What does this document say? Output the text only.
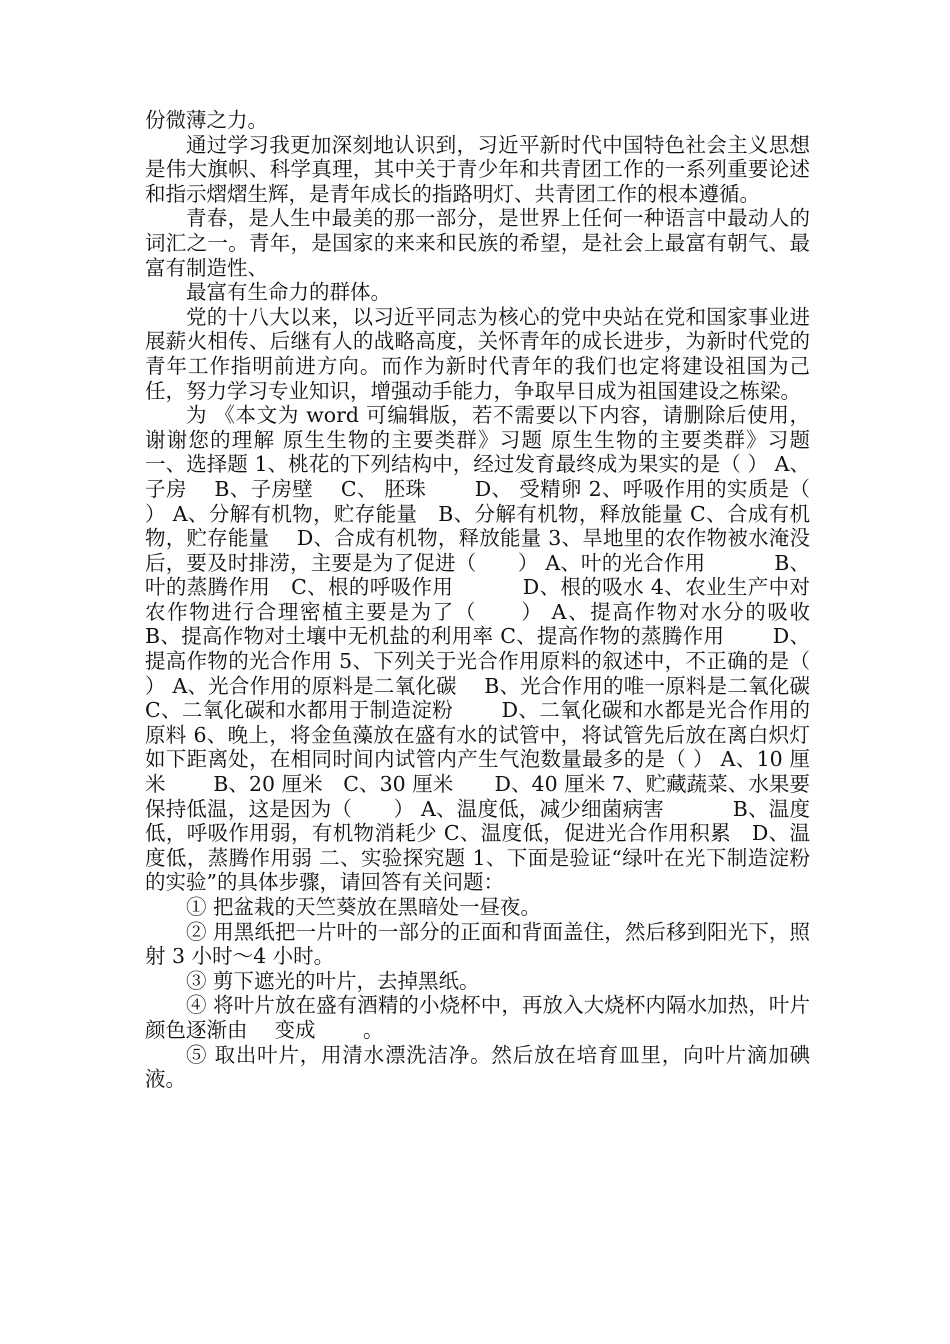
份微薄之力。

通过学习我更加深刻地认识到，习近平新时代中国特色社会主义思想是伟大旗帜、科学真理，其中关于青少年和共青团工作的一系列重要论述和指示熠熠生辉，是青年成长的指路明灯、共青团工作的根本遵循。

青春，是人生中最美的那一部分，是世界上任何一种语言中最动人的词汇之一。青年，是国家的来来和民族的希望，是社会上最富有朝气、最富有制造性、

最富有生命力的群体。

党的十八大以来，以习近平同志为核心的党中央站在党和国家事业进展薪火相传、后继有人的战略高度，关怀青年的成长进步，为新时代党的青年工作指明前进方向。而作为新时代青年的我们也定将建设祖国为己任，努力学习专业知识，增强动手能力，争取早日成为祖国建设之栋梁。

为 《本文为 word 可编辑版，若不需要以下内容，请删除后使用，谢谢您的理解 原生生物的主要类群》习题 原生生物的主要类群》习题 一、选择题 1、桃花的下列结构中，经过发育最终成为果实的是（ ） A、子房　 B、子房壁　 C、 胚珠　　 D、 受精卵 2、呼吸作用的实质是（　　） A、分解有机物，贮存能量　B、分解有机物，释放能量 C、合成有机物，贮存能量　 D、合成有机物，释放能量 3、旱地里的农作物被水淹没后，要及时排涝，主要是为了促进（　　） A、叶的光合作用　　　 B、叶的蒸腾作用　C、根的呼吸作用　　　 D、根的吸水 4、农业生产中对农作物进行合理密植主要是为了（　　） A、提高作物对水分的吸收　 B、提高作物对土壤中无机盐的利用率 C、提高作物的蒸腾作用　　 D、提高作物的光合作用 5、下列关于光合作用原料的叙述中，不正确的是（　 ） A、光合作用的原料是二氧化碳　 B、光合作用的唯一原料是二氧化碳 C、二氧化碳和水都用于制造淀粉　　 D、二氧化碳和水都是光合作用的原料 6、晚上，将金鱼藻放在盛有水的试管中，将试管先后放在离白炽灯如下距离处，在相同时间内试管内产生气泡数量最多的是（ ） A、10 厘米　　 B、20 厘米　C、30 厘米　　D、40 厘米 7、贮藏蔬菜、水果要保持低温，这是因为（　　） A、温度低，减少细菌病害　　　 B、温度低，呼吸作用弱，有机物消耗少 C、温度低，促进光合作用积累　D、温度低，蒸腾作用弱 二、实验探究题 1、下面是验证“绿叶在光下制造淀粉的实验”的具体步骤，请回答有关问题：

① 把盆栽的天竺葵放在黑暗处一昼夜。

② 用黑纸把一片叶的一部分的正面和背面盖住，然后移到阳光下，照射 3 小时～4 小时。

③ 剪下遮光的叶片，去掉黑纸。

④ 将叶片放在盛有酒精的小烧杯中，再放入大烧杯内隔水加热，叶片颜色逐渐由　 变成　　 。

⑤ 取出叶片，用清水漂洗洁净。然后放在培育皿里，向叶片滴加碘液。
